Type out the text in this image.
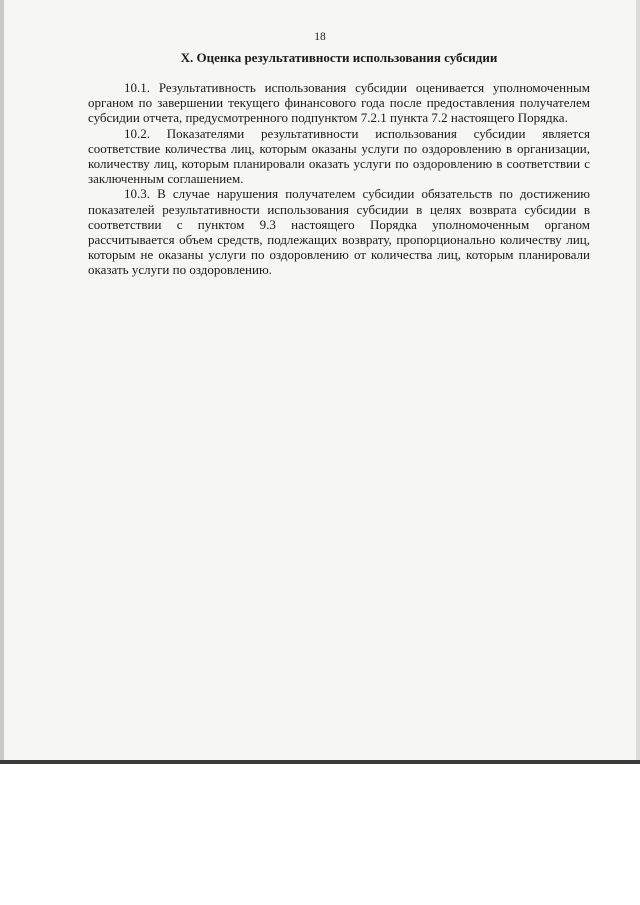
18
X. Оценка результативности использования субсидии

10.1. Результативность использования субсидии оценивается уполномоченным органом по завершении текущего финансового года после предоставления получателем субсидии отчета, предусмотренного подпунктом 7.2.1 пункта 7.2 настоящего Порядка.

10.2. Показателями результативности использования субсидии является соответствие количества лиц, которым оказаны услуги по оздоровлению в организации, количеству лиц, которым планировали оказать услуги по оздоровлению в соответствии с заключенным соглашением.

10.3. В случае нарушения получателем субсидии обязательств по достижению показателей результативности использования субсидии в целях возврата субсидии в соответствии с пунктом 9.3 настоящего Порядка уполномоченным органом рассчитывается объем средств, подлежащих возврату, пропорционально количеству лиц, которым не оказаны услуги по оздоровлению от количества лиц, которым планировали оказать услуги по оздоровлению.
